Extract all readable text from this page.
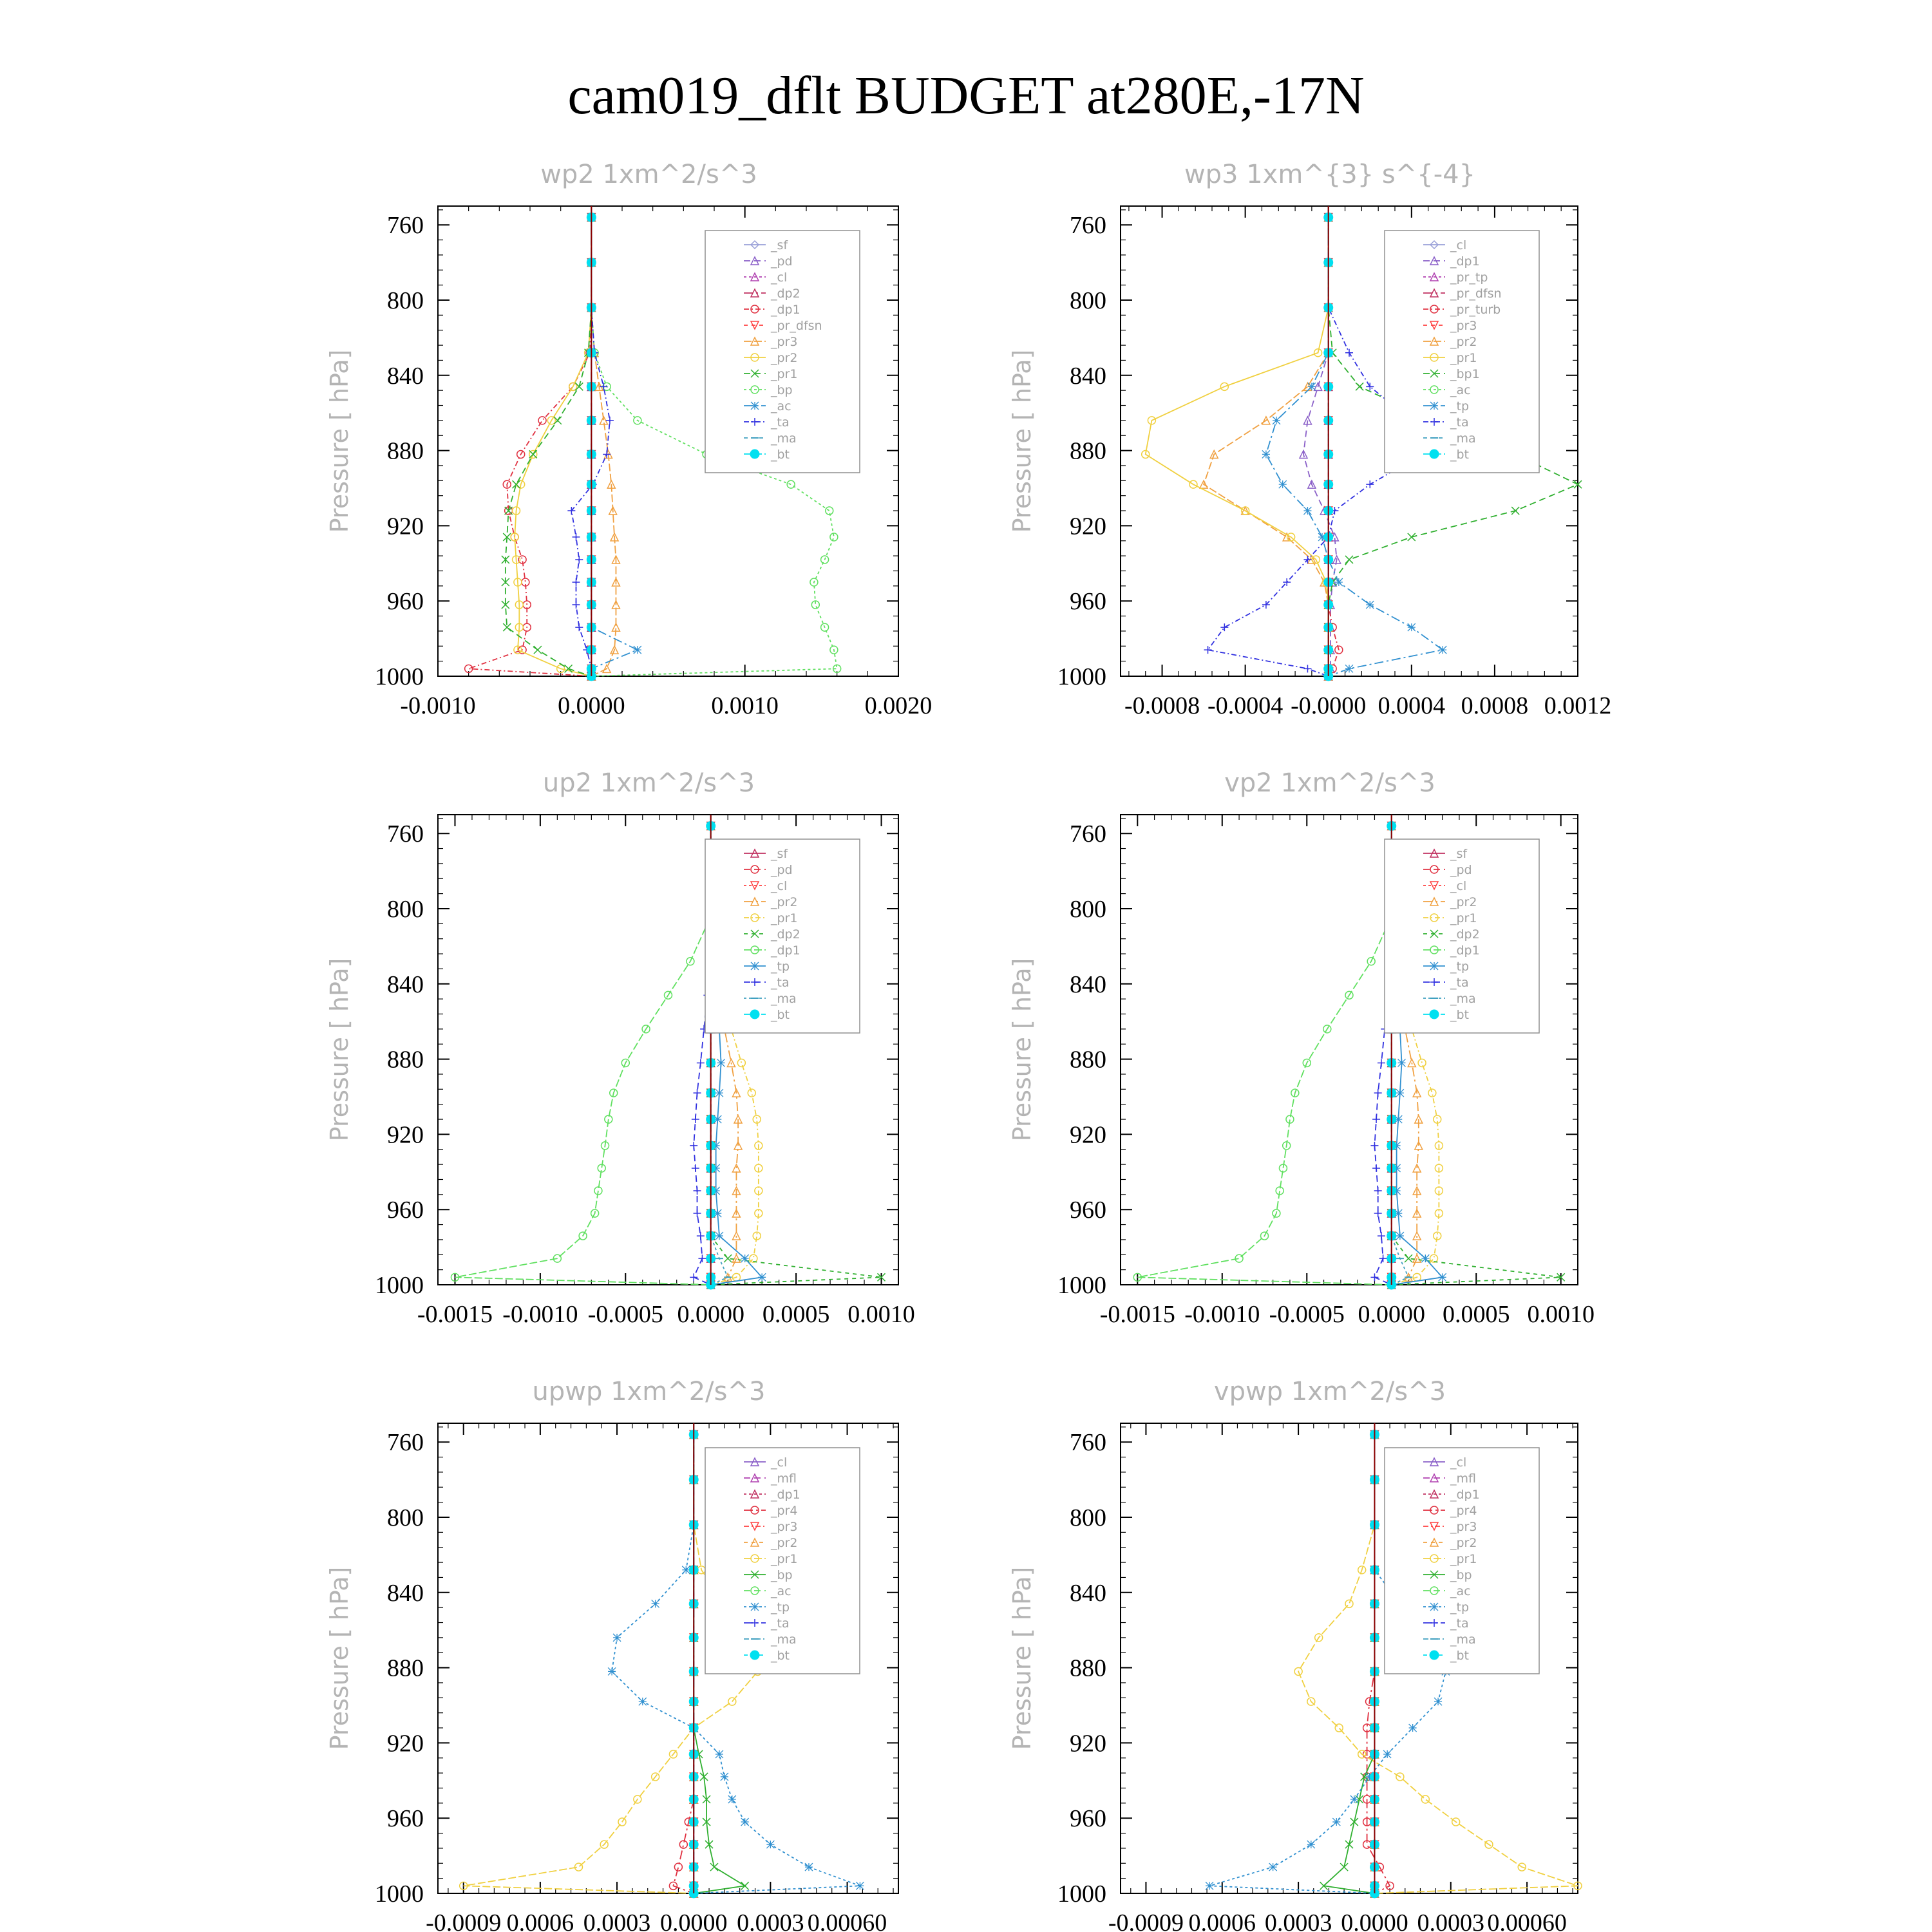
cam019_dflt BUDGET at280E,-17N
760
800
840
880
920
960
1000
-0.0010	0.0000	0.0010	0.0020
wp2 1xm^2/s^3
Pressure [ hPa]
_sf
_pd
_cl
_dp2
_dp1
_pr_dfsn
_pr3
_pr2
_pr1
_bp
_ac
_ta
_ma
_bt
760
800
840
880
920
960
1000
-0.0008 -0.0004 -0.0000 0.0004 0.0008 0.0012
wp3 1xm^{3} s^{-4}
Pressure [ hPa]
_cl
_dp1
_pr_tp
_pr_dfsn
_pr_turb
_pr3
_pr2
_pr1
_bp1
_ac
_tp
_ta
_ma
_bt
760
800
840
880
920
960
1000
-0.0015 -0.0010 -0.0005 0.0000 0.0005 0.0010
up2 1xm^2/s^3
Pressure [ hPa]
_sf
_pd
_cl
_pr2
_pr1
_dp2
_dp1
_tp
_ta
_ma
_bt
760
800
840
880
920
960
1000
-0.0015 -0.0010 -0.0005 0.0000 0.0005 0.0010
vp2 1xm^2/s^3
Pressure [ hPa]
_sf
_pd
_cl
_pr2
_pr1
_dp2
_dp1
_tp
_ta
_ma
_bt
760
800
840
880
920
960
1000
-0.0009 0.0006 0.0003 0.0000 0.0003 0.00060
upwp 1xm^2/s^3
Pressure [ hPa]
_cl
_mfl
_dp1
_pr4
_pr3
_pr2
_pr1
_bp
_ac
_tp
_ta
_ma
_bt
760
800
840
880
920
960
1000
-0.0009 0.0006 0.0003 0.0000 0.0003 0.00060
vpwp 1xm^2/s^3
Pressure [ hPa]
_cl
_mfl
_dp1
_pr4
_pr3
_pr2
_pr1
_bp
_ac
_tp
_ta
_ma
_bt
